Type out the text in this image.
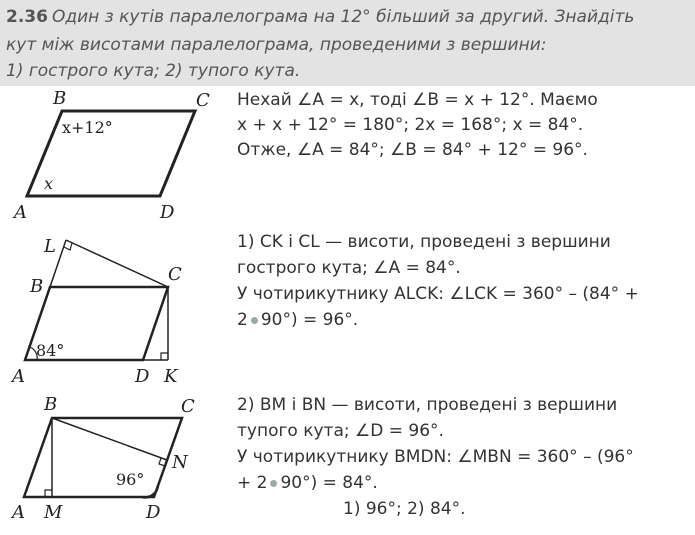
2.36 Один з кутів паралелограма на 12° більший за другий. Знайдіть
кут між висотами паралелограма, проведеними з вершини:
1) гострого кута; 2) тупого кута.
B	C
A	D
x+12°
x
Нехай ∠A = x, тоді ∠B = x + 12°. Маємо
x + x + 12° = 180°; 2x = 168°; x = 84°.
Отже, ∠A = 84°; ∠B = 84° + 12° = 96°.
L
C
B
A	D K
84°
1) CK і CL — висоти, проведені з вершини
гострого кута; ∠A = 84°.
У чотирикутнику ALCK: ∠LCK = 360° – (84° +
2 90°) = 96°.
B	C
N
A M	D
96°
2) BM і BN — висоти, проведені з вершини
тупого кута; ∠D = 96°.
У чотирикутнику BMDN: ∠MBN = 360° – (96°
+ 2 90°) = 84°.
1) 96°; 2) 84°.
